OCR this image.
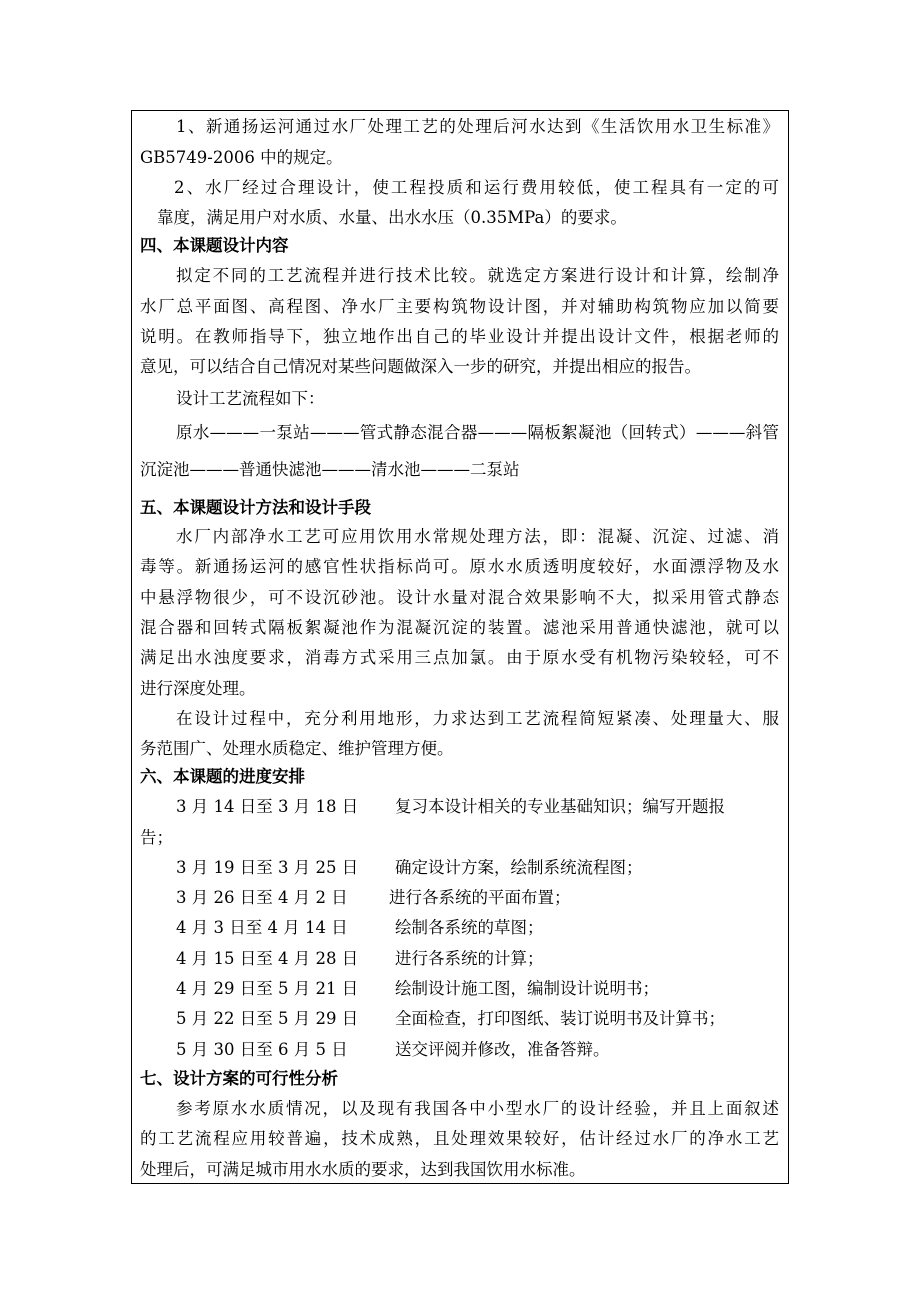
1、新通扬运河通过水厂处理工艺的处理后河水达到《生活饮用水卫生标准》

GB5749-2006 中的规定。

2、水厂经过合理设计，使工程投质和运行费用较低，使工程具有一定的可

靠度，满足用户对水质、水量、出水水压（0.35MPa）的要求。

四、本课题设计内容

拟定不同的工艺流程并进行技术比较。就选定方案进行设计和计算，绘制净

水厂总平面图、高程图、净水厂主要构筑物设计图，并对辅助构筑物应加以简要

说明。在教师指导下，独立地作出自己的毕业设计并提出设计文件，根据老师的

意见，可以结合自己情况对某些问题做深入一步的研究，并提出相应的报告。

设计工艺流程如下：

原水———一泵站———管式静态混合器———隔板絮凝池（回转式）———斜管

沉淀池———普通快滤池———清水池———二泵站

五、本课题设计方法和设计手段

水厂内部净水工艺可应用饮用水常规处理方法，即：混凝、沉淀、过滤、消

毒等。新通扬运河的感官性状指标尚可。原水水质透明度较好，水面漂浮物及水

中悬浮物很少，可不设沉砂池。设计水量对混合效果影响不大，拟采用管式静态

混合器和回转式隔板絮凝池作为混凝沉淀的装置。滤池采用普通快滤池，就可以

满足出水浊度要求，消毒方式采用三点加氯。由于原水受有机物污染较轻，可不

进行深度处理。

在设计过程中，充分利用地形，力求达到工艺流程简短紧凑、处理量大、服

务范围广、处理水质稳定、维护管理方便。

六、本课题的进度安排

3 月 14 日至 3 月 18 日 复习本设计相关的专业基础知识；编写开题报
告；
3 月 19 日至 3 月 25 日 确定设计方案，绘制系统流程图；
3 月 26 日至 4 月 2 日	进行各系统的平面布置；
4 月 3 日至 4 月 14 日	绘制各系统的草图；
4 月 15 日至 4 月 28 日 进行各系统的计算；
4 月 29 日至 5 月 21 日 绘制设计施工图，编制设计说明书；
5 月 22 日至 5 月 29 日 全面检查，打印图纸、装订说明书及计算书；
5 月 30 日至 6 月 5 日	送交评阅并修改，准备答辩。

七、设计方案的可行性分析

参考原水水质情况，以及现有我国各中小型水厂的设计经验，并且上面叙述

的工艺流程应用较普遍，技术成熟，且处理效果较好，估计经过水厂的净水工艺

处理后，可满足城市用水水质的要求，达到我国饮用水标准。
